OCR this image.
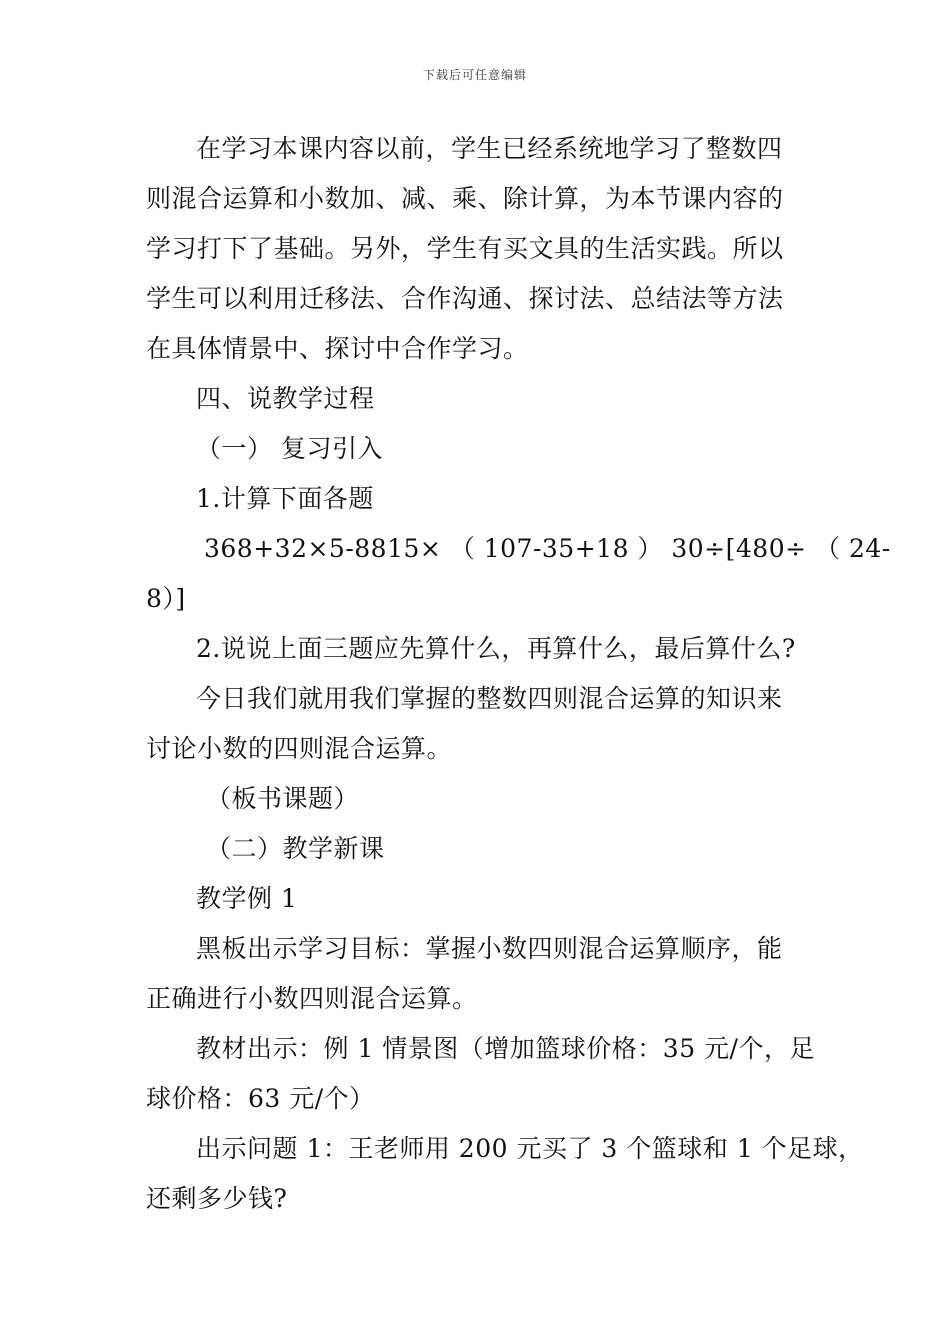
下载后可任意编辑
在学习本课内容以前，学生已经系统地学习了整数四
则混合运算和小数加、减、乘、除计算，为本节课内容的
学习打下了基础。另外，学生有买文具的生活实践。所以
学生可以利用迁移法、合作沟通、探讨法、总结法等方法
在具体情景中、探讨中合作学习。
四、说教学过程
（一） 复习引入
1.计算下面各题
368+32×5-8815× （ 107-35+18 ） 30÷[480÷ （ 24-
8）]
2.说说上面三题应先算什么，再算什么，最后算什么?
今日我们就用我们掌握的整数四则混合运算的知识来
讨论小数的四则混合运算。
（板书课题）
（二）教学新课
教学例 1
黑板出示学习目标：掌握小数四则混合运算顺序，能
正确进行小数四则混合运算。
教材出示：例 1 情景图（增加篮球价格：35 元/个，足
球价格：63 元/个）
出示问题 1：王老师用 200 元买了 3 个篮球和 1 个足球，
还剩多少钱?
